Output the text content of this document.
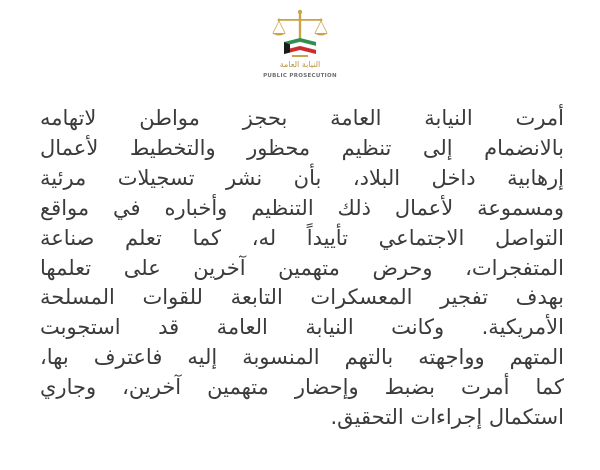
النيابة العامة
PUBLIC PROSECUTION
أمرت النيابة العامة بحجز مواطن لاتهامه
بالانضمام إلى تنظيم محظور والتخطيط لأعمال
إرهابية داخل البلاد، بأن نشر تسجيلات مرئية
ومسموعة لأعمال ذلك التنظيم وأخباره في مواقع
التواصل الاجتماعي تأييداً له، كما تعلم صناعة
المتفجرات، وحرض متهمين آخرين على تعلمها
بهدف تفجير المعسكرات التابعة للقوات المسلحة
الأمريكية. وكانت النيابة العامة قد استجوبت
المتهم وواجهته بالتهم المنسوبة إليه فاعترف بها،
كما أمرت بضبط وإحضار متهمين آخرين، وجاري
استكمال إجراءات التحقيق.
